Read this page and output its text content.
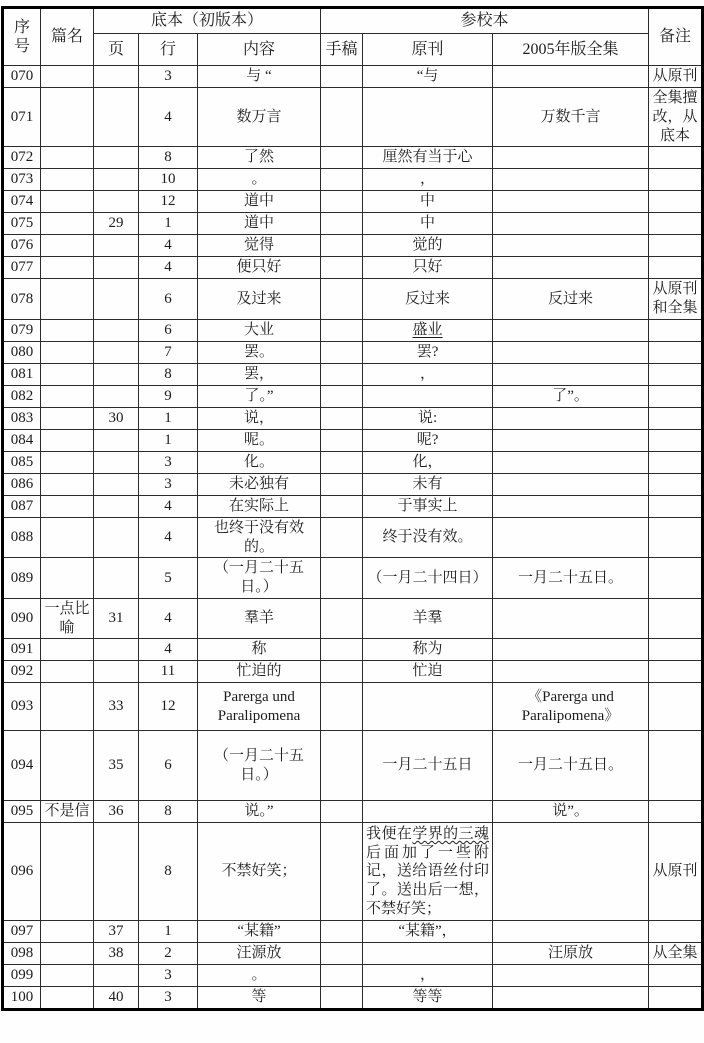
序号	篇名	底本（初版本）			参校本			备注
		页	行	内容	手稿	原刊	2005年版全集	
070			3	与 “		“与		从原刊
071			4	数万言			万数千言	全集擅改，从底本
072			8	了然		厘然有当于心		
073			10	。		，		
074			12	道中		中		
075		29	1	道中		中		
076			4	觉得		觉的		
077			4	便只好		只好		
078			6	及过来		反过来	反过来	从原刊和全集
079			6	大业		盛业		
080			7	罢。		罢?		
081			8	罢，		，		
082			9	了。”			了”。	
083		30	1	说，		说:		
084			1	呢。		呢?		
085			3	化。		化，		
086			3	未必独有		未有		
087			4	在实际上		于事实上		
088			4	也终于没有效的。		终于没有效。		
089			5	（一月二十五日。）		（一月二十四日）	一月二十五日。	
090	一点比喻	31	4	羣羊		羊羣		
091			4	称		称为		
092			11	忙迫的		忙迫		
093		33	12	Parerga und Paralipomena			《Parerga und Paralipomena》	
094		35	6	（一月二十五日。）		一月二十五日	一月二十五日。	
095	不是信	36	8	说。”			说”。	
096			8	不禁好笑；		我便在学界的三魂后面加了一些附记，送给语丝付印了。送出后一想，不禁好笑；		从原刊
097		37	1	“某籍”		“某籍”，		
098		38	2	汪源放			汪原放	从全集
099			3	。		，		
100		40	3	等		等等		
